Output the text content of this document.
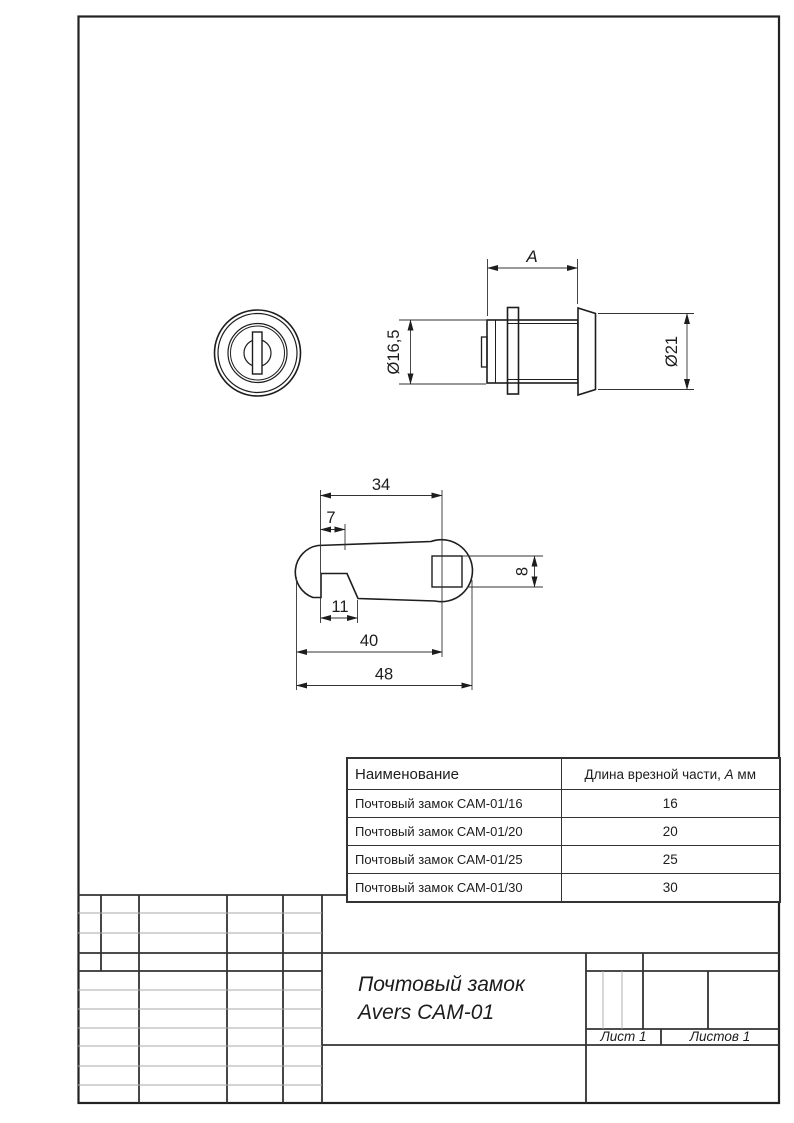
A
Ø16,5	Ø21
34
7
11
40
48
8
Наименование	Длина врезной части, А мм
Почтовый замок CAM-01/16	16
Почтовый замок CAM-01/20	20
Почтовый замок CAM-01/25	25
Почтовый замок CAM-01/30	30
Почтовый замок
Avers CAM-01
Лист 1	Листов 1
